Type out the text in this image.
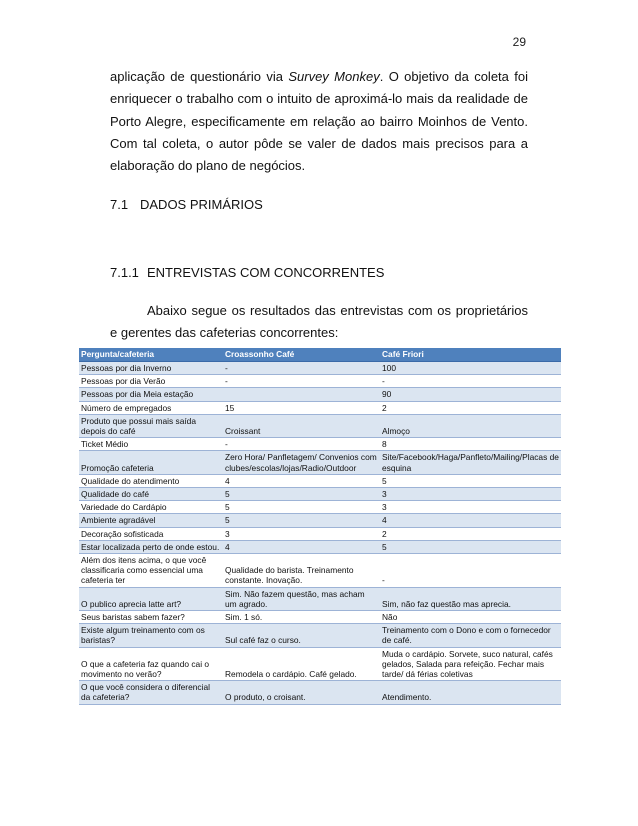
29

aplicação de questionário via Survey Monkey. O objetivo da coleta foi enriquecer o trabalho com o intuito de aproximá-lo mais da realidade de Porto Alegre, especificamente em relação ao bairro Moinhos de Vento. Com tal coleta, o autor pôde se valer de dados mais precisos para a elaboração do plano de negócios.

7.1 DADOS PRIMÁRIOS
7.1.1 ENTREVISTAS COM CONCORRENTES

Abaixo segue os resultados das entrevistas com os proprietários e gerentes das cafeterias concorrentes:

Pergunta/cafeteria	Croassonho Café	Café Friori
Pessoas por dia Inverno	-	100
Pessoas por dia Verão	-	-
Pessoas por dia Meia estação		90
Número de empregados	15	2
Produto que possui mais saída depois do café	Croissant	Almoço
Ticket Médio	-	8
Promoção cafeteria	Zero Hora/ Panfletagem/ Convenios com clubes/escolas/lojas/Radio/Outdoor	Site/Facebook/Haga/Panfleto/Mailing/Placas de esquina
Qualidade do atendimento	4	5
Qualidade do café	5	3
Variedade do Cardápio	5	3
Ambiente agradável	5	4
Decoração sofisticada	3	2
Estar localizada perto de onde estou.	4	5
Além dos itens acima, o que você classificaria como essencial uma cafeteria ter	Qualidade do barista. Treinamento constante. Inovação.	-
O publico aprecia latte art?	Sim. Não fazem questão, mas acham um agrado.	Sim, não faz questão mas aprecia.
Seus baristas sabem fazer?	Sim. 1 só.	Não
Existe algum treinamento com os baristas?	Sul café faz o curso.	Treinamento com o Dono e com o fornecedor de café.
O que a cafeteria faz quando cai o movimento no verão?	Remodela o cardápio. Café gelado.	Muda o cardápio. Sorvete, suco natural, cafés gelados, Salada para refeição. Fechar mais tarde/ dá férias coletivas
O que você considera o diferencial da cafeteria?	O produto, o croisant.	Atendimento.
